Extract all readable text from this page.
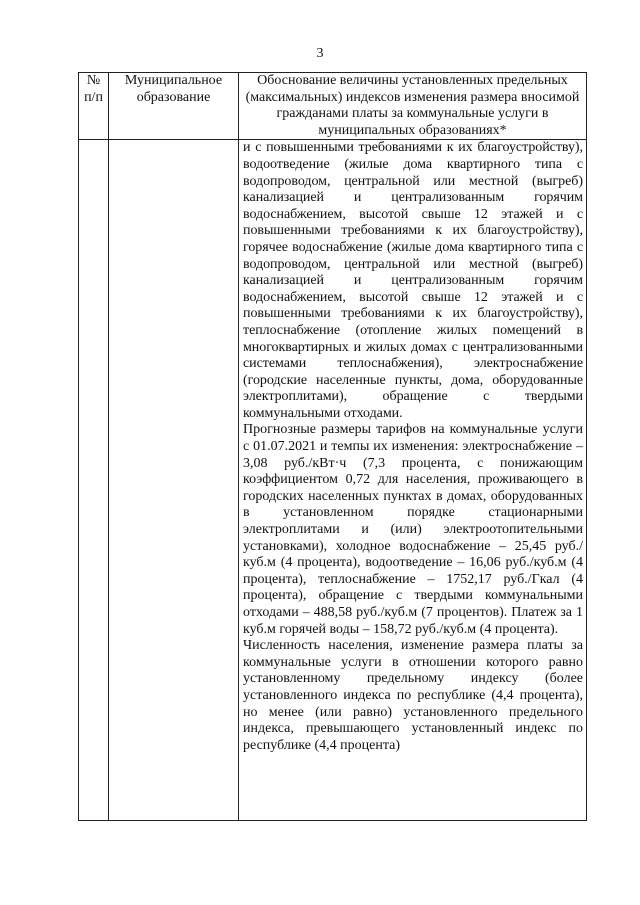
3
№ п/п	Муниципальное образование	Обоснование величины установленных предельных (максимальных) индексов изменения размера вносимой гражданами платы за коммунальные услуги в муниципальных образованиях*

		и с повышенными требованиями к их благоустройству), водоотведение (жилые дома квартирного типа с водопроводом, центральной или местной (выгреб) канализацией и централизованным горячим водоснабжением, высотой свыше 12 этажей и с повышенными требованиями к их благоустройству), горячее водоснабжение (жилые дома квартирного типа с водопроводом, центральной или местной (выгреб) канализацией и централизованным горячим водоснабжением, высотой свыше 12 этажей и с повышенными требованиями к их благоустройству), теплоснабжение (отопление жилых помещений в многоквартирных и жилых домах с централизованными системами теплоснабжения), электроснабжение (городские населенные пункты, дома, оборудованные электроплитами), обращение с твердыми коммунальными отходами.

Прогнозные размеры тарифов на коммунальные услуги с 01.07.2021 и темпы их изменения: электроснабжение – 3,08 руб./кВт·ч (7,3 процента, с понижающим коэффициентом 0,72 для населения, проживающего в городских населенных пунктах в домах, оборудованных в установленном порядке стационарными электроплитами и (или) электроотопительными установками), холодное водоснабжение – 25,45 руб./куб.м (4 процента), водоотведение – 16,06 руб./куб.м (4 процента), теплоснабжение – 1752,17 руб./Гкал (4 процента), обращение с твердыми коммунальными отходами – 488,58 руб./куб.м (7 процентов). Платеж за 1 куб.м горячей воды – 158,72 руб./куб.м (4 процента).

Численность населения, изменение размера платы за коммунальные услуги в отношении которого равно установленному предельному индексу (более установленного индекса по республике (4,4 процента), но менее (или равно) установленного предельного индекса, превышающего установленный индекс по республике (4,4 процента)
